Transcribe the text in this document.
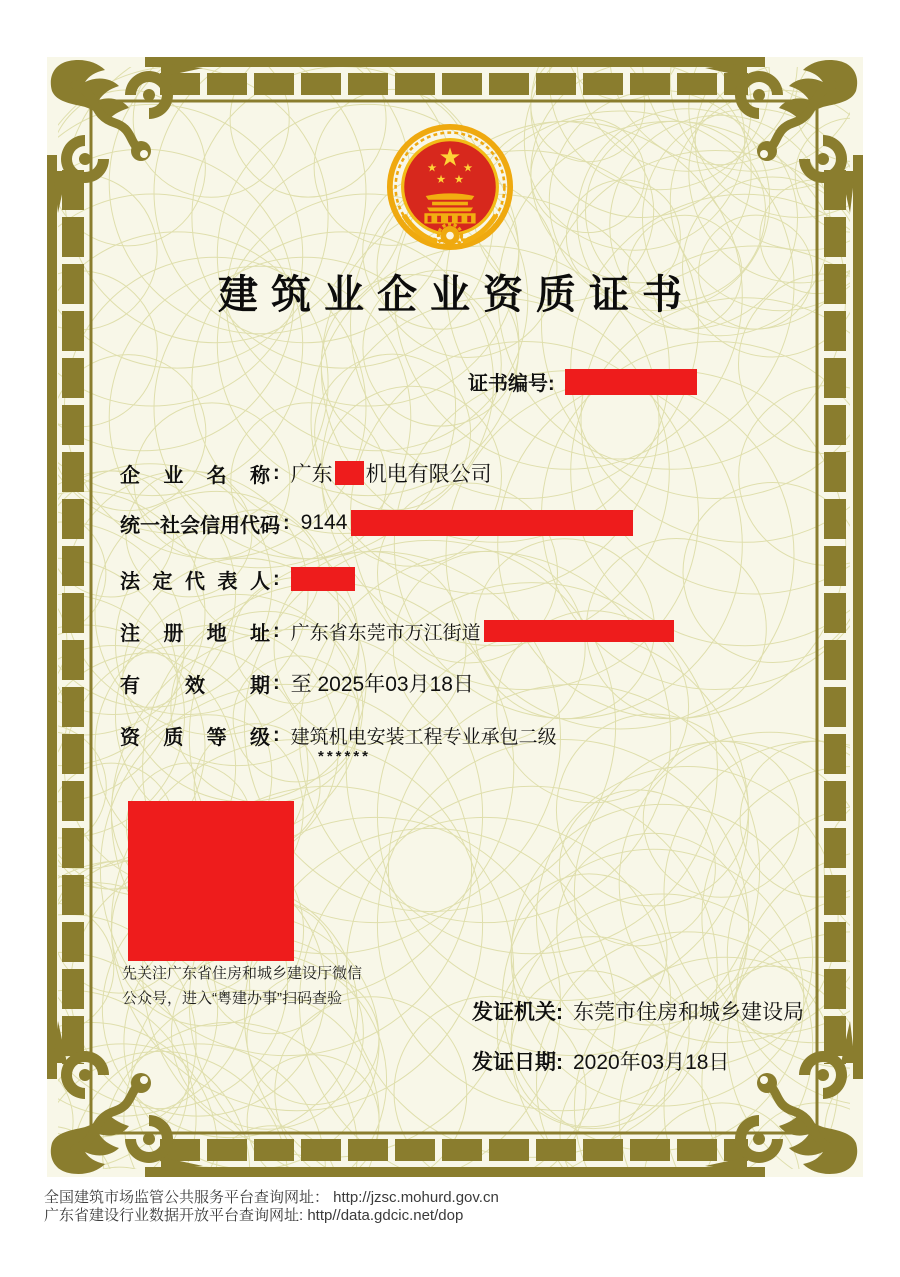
建筑业企业资质证书
证书编号:
企 业 名 称 : 广东 机电有限公司
统 一 社 会 信 用 代 码 : 9144
法 定 代 表 人 :
注 册 地 址 : 广东省东莞市万江街道
有 效 期 : 至 2025年03月18日
资 质 等 级 : 建筑机电安装工程专业承包二级
******
先关注广东省住房和城乡建设厅微信
公众号，进入“粤建办事”扫码查验
发证机关: 东莞市住房和城乡建设局
发证日期: 2020年03月18日
全国建筑市场监管公共服务平台查询网址： http://jzsc.mohurd.gov.cn
广东省建设行业数据开放平台查询网址: http//data.gdcic.net/dop
